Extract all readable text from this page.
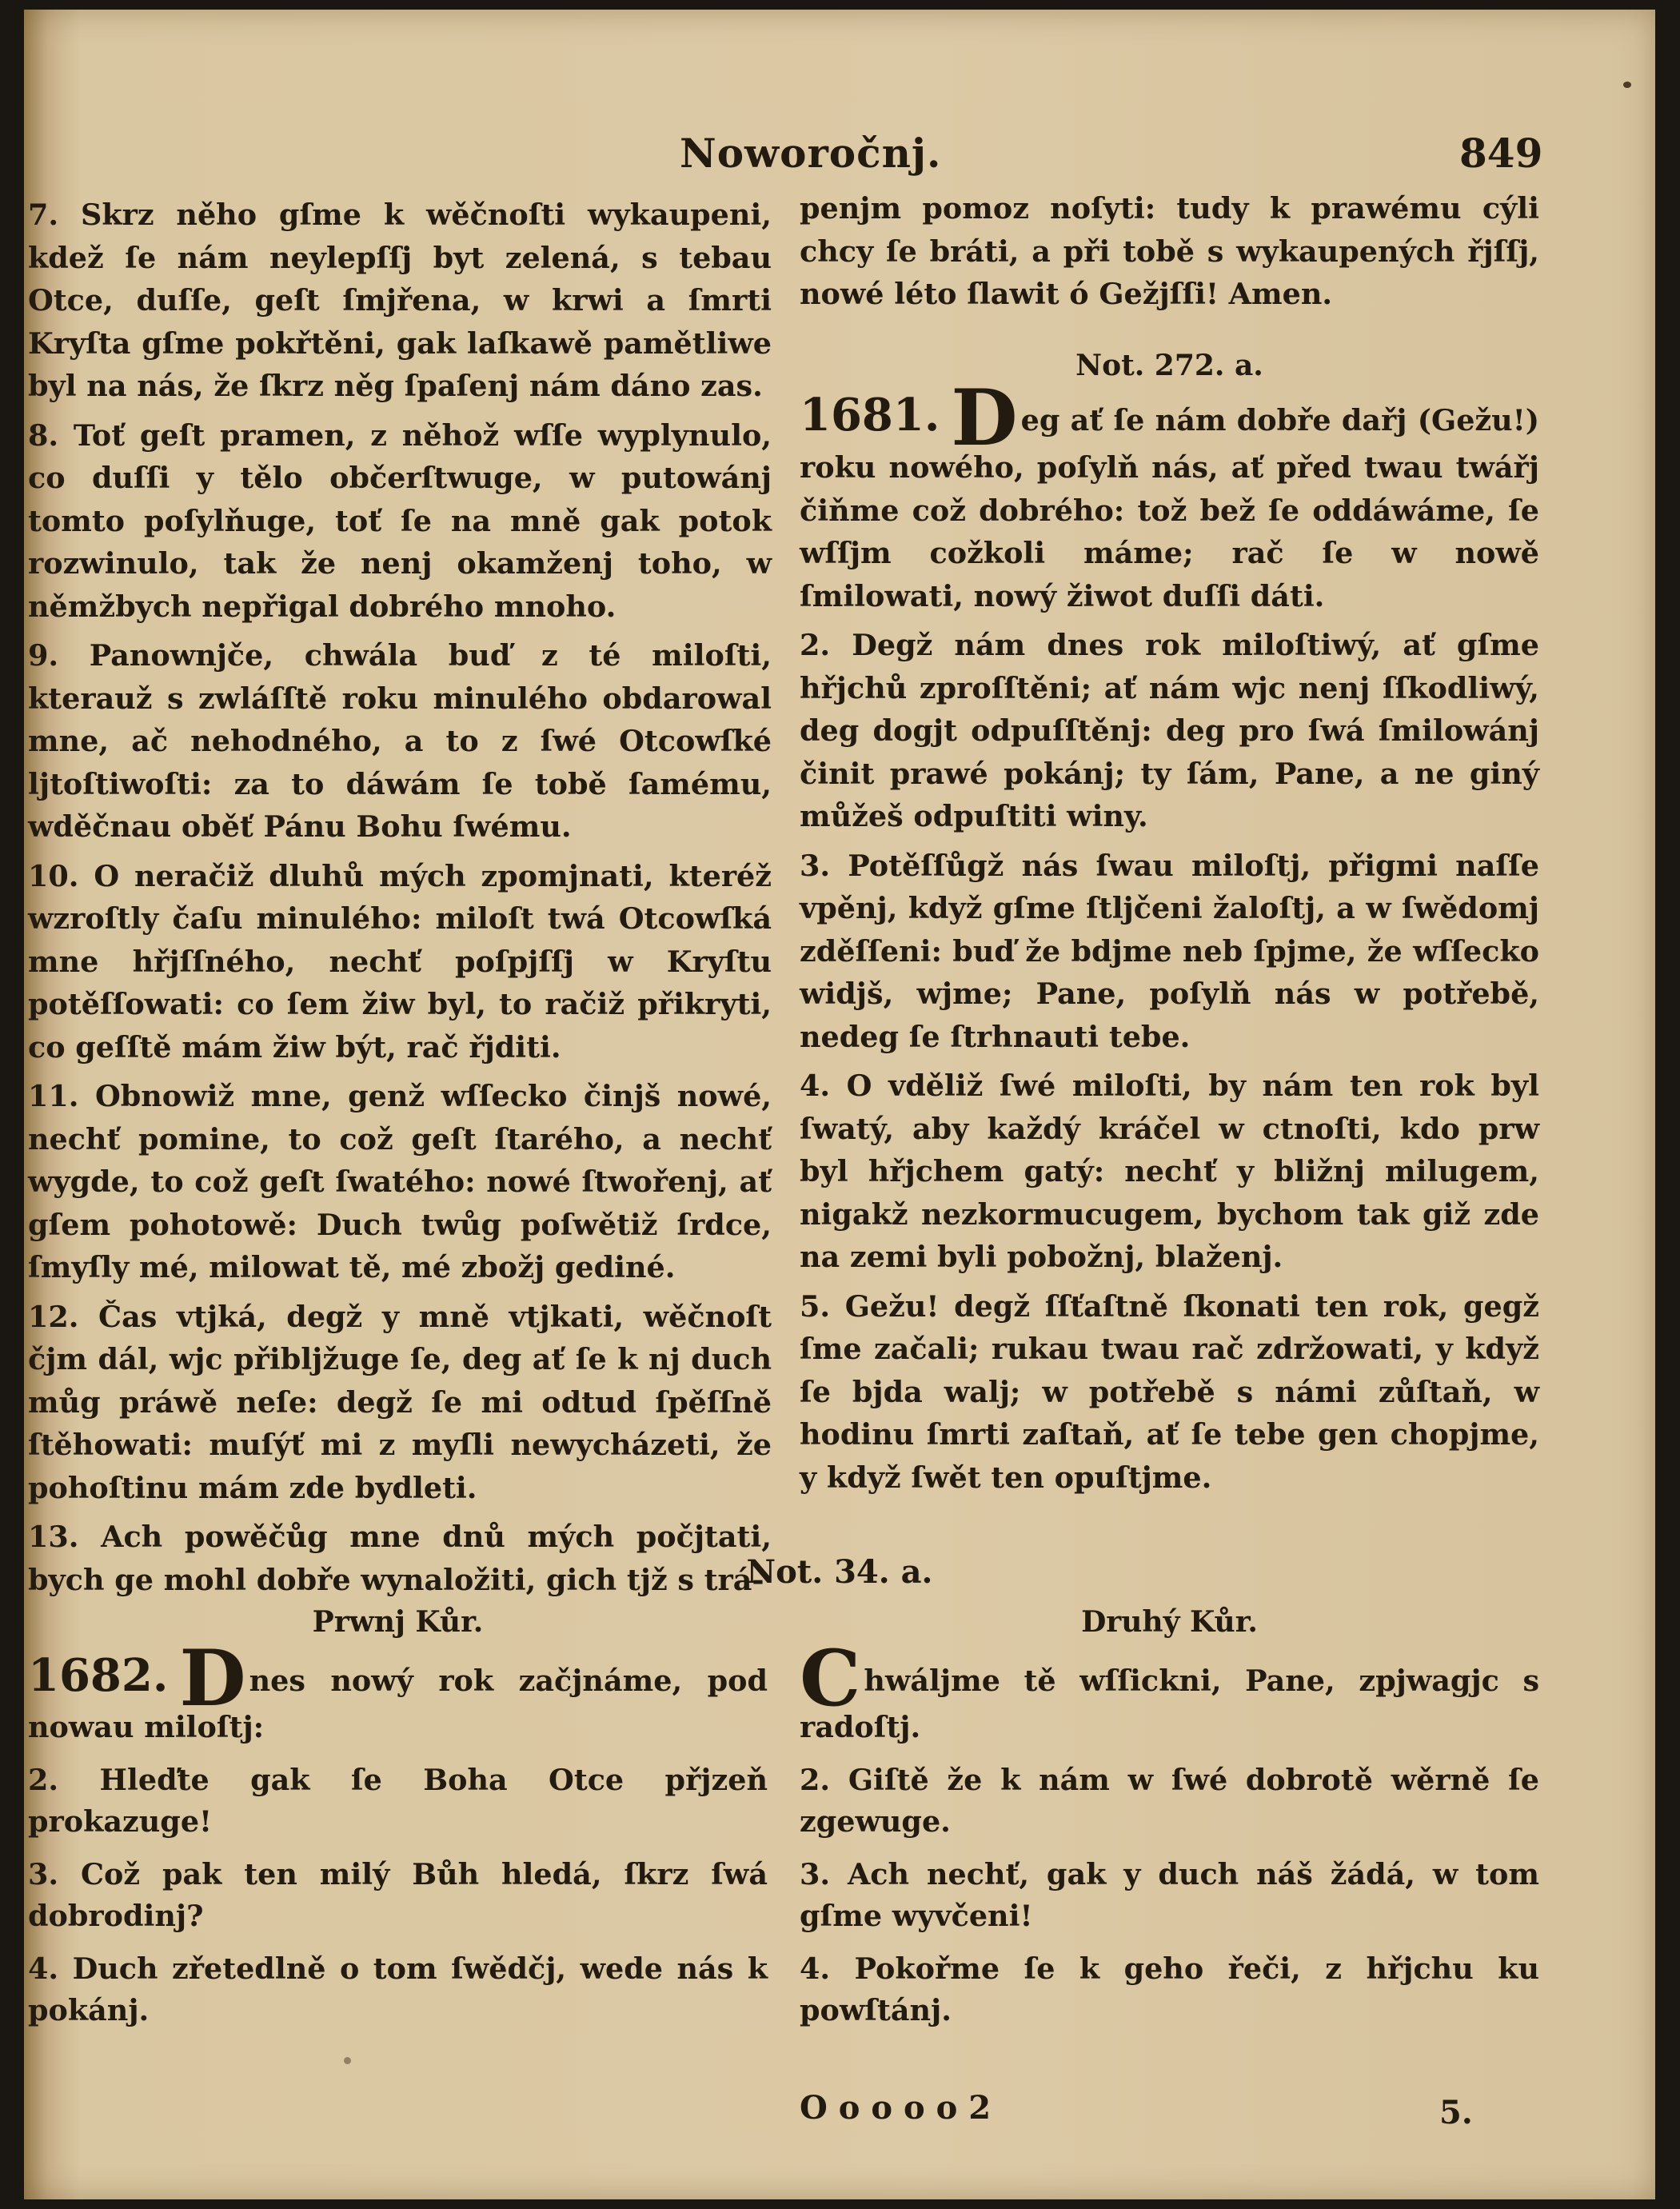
Noworočnj.	849

7. Skrz něho gſme k wěčnoſti wykaupeni, kdež ſe nám neylepſſj byt zelená, s tebau Otce, duſſe, geſt ſmjřena, w krwi a ſmrti Kryſta gſme pokřtěni, gak laſkawě pamětliwe byl na nás, že ſkrz něg ſpaſenj nám dáno zas.

8. Toť geſt pramen, z něhož wſſe wyplynulo, co duſſi y tělo občerſtwuge, w putowánj tomto poſylňuge, toť ſe na mně gak potok rozwinulo, tak že nenj okamženj toho, w němžbych nepřigal dobrého mnoho.

9. Panownjče, chwála buď z té miloſti, kterauž s zwláſſtě roku minulého obdarowal mne, ač nehodného, a to z ſwé Otcowſké ljtoſtiwoſti: za to dáwám ſe tobě ſamému, wděčnau oběť Pánu Bohu ſwému.

10. O neračiž dluhů mých zpomjnati, kteréž wzroſtly čaſu minulého: miloſt twá Otcowſká mne hřjſſného, nechť poſpjſſj w Kryſtu potěſſowati: co ſem žiw byl, to račiž přikryti, co geſſtě mám žiw být, rač řjditi.

11. Obnowiž mne, genž wſſecko činjš nowé, nechť pomine, to což geſt ſtarého, a nechť wygde, to což geſt ſwatého: nowé ſtwořenj, ať gſem pohotowě: Duch twůg poſwětiž ſrdce, ſmyſly mé, milowat tě, mé zbožj gediné.

12. Čas vtjká, degž y mně vtjkati, wěčnoſt čjm dál, wjc přibljžuge ſe, deg ať ſe k nj duch můg práwě neſe: degž ſe mi odtud ſpěſſně ſtěhowati: muſýť mi z myſli newycházeti, že pohoſtinu mám zde bydleti.

13. Ach powěčůg mne dnů mých počjtati, bych ge mohl dobře wynaložiti, gich tjž s trá-

penjm pomoz noſyti: tudy k prawému cýli chcy ſe bráti, a při tobě s wykaupených řjſſj, nowé léto ſlawit ó Gežjſſi! Amen.

Not. 272. a.

1681. D eg ať ſe nám dobře dařj (Gežu!) roku nowého, poſylň nás, ať před twau twářj čiňme což dobrého: tož bež ſe oddáwáme, ſe wſſjm cožkoli máme; rač ſe w nowě ſmilowati, nowý žiwot duſſi dáti.

2. Degž nám dnes rok miloſtiwý, ať gſme hřjchů zproſſtěni; ať nám wjc nenj ſſkodliwý, deg dogjt odpuſſtěnj: deg pro ſwá ſmilowánj činit prawé pokánj; ty ſám, Pane, a ne giný můžeš odpuſtiti winy.

3. Potěſſůgž nás ſwau miloſtj, přigmi naſſe vpěnj, když gſme ſtljčeni žaloſtj, a w ſwědomj zděſſeni: buď že bdjme neb ſpjme, že wſſecko widjš, wjme; Pane, poſylň nás w potřebě, nedeg ſe ſtrhnauti tebe.

4. O vděliž ſwé miloſti, by nám ten rok byl ſwatý, aby každý kráčel w ctnoſti, kdo prw byl hřjchem gatý: nechť y bližnj milugem, nigakž nezkormucugem, bychom tak giž zde na zemi byli pobožnj, blaženj.

5. Gežu! degž ſſťaſtně ſkonati ten rok, gegž ſme začali; rukau twau rač zdržowati, y když ſe bjda walj; w potřebě s námi zůſtaň, w hodinu ſmrti zaſtaň, ať ſe tebe gen chopjme, y když ſwět ten opuſtjme.

Not. 34. a.
Prwnj Kůr.

1682. D nes nowý rok začjnáme, pod nowau miloſtj:

2. Hleďte gak ſe Boha Otce přjzeň prokazuge!

3. Což pak ten milý Bůh hledá, ſkrz ſwá dobrodinj?

4. Duch zřetedlně o tom ſwědčj, wede nás k pokánj.

Druhý Kůr.

Chwáljme tě wſſickni, Pane, zpjwagjc s radoſtj.

2. Giſtě že k nám w ſwé dobrotě wěrně ſe zgewuge.

3. Ach nechť, gak y duch náš žádá, w tom gſme wyvčeni!

4. Pokořme ſe k geho řeči, z hřjchu ku powſtánj.

O o o o o 2	5.
